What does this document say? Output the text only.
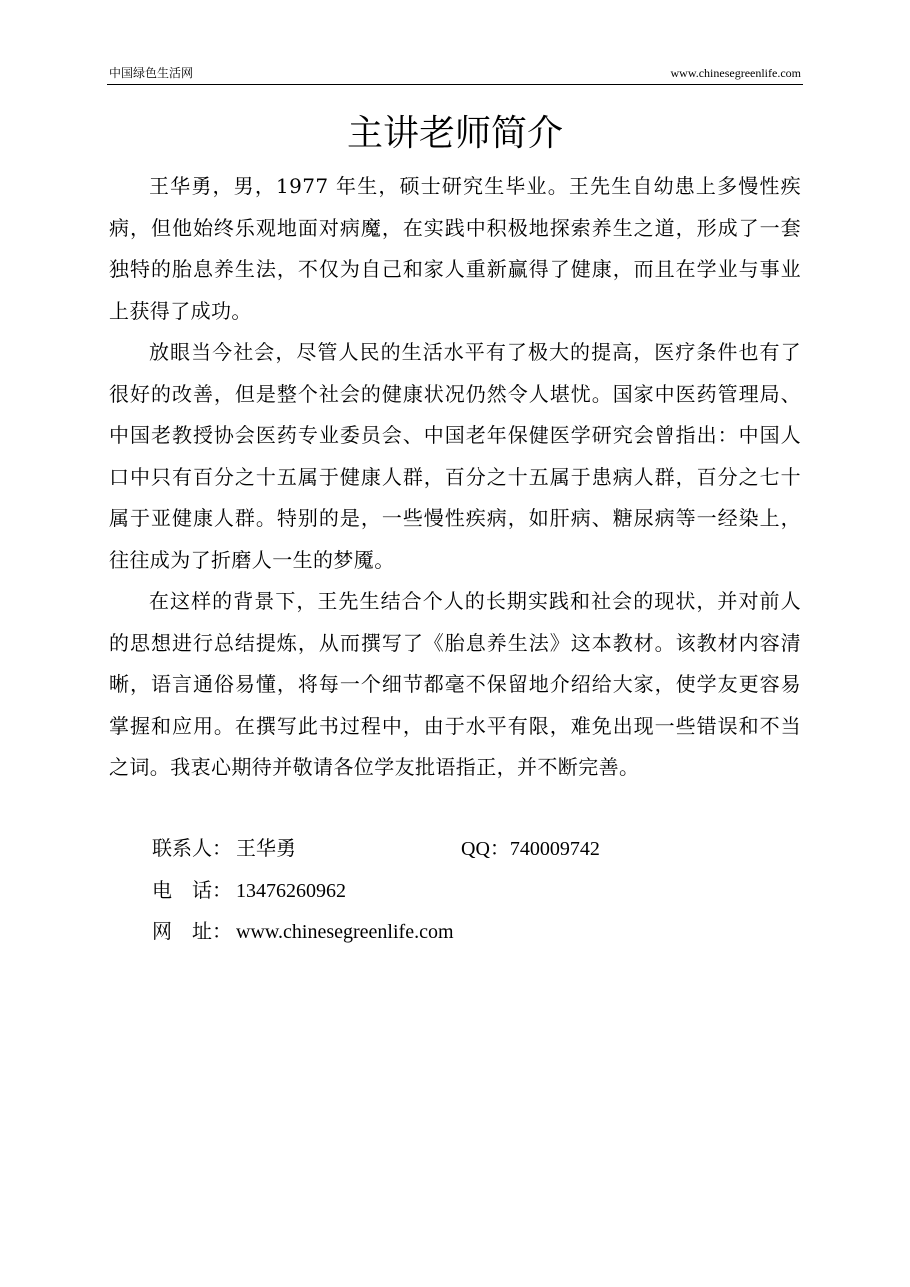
中国绿色生活网	www.chinesegreenlife.com
主讲老师简介

王华勇，男，1977 年生，硕士研究生毕业。王先生自幼患上多慢性疾病，但他始终乐观地面对病魔，在实践中积极地探索养生之道，形成了一套独特的胎息养生法，不仅为自己和家人重新赢得了健康，而且在学业与事业上获得了成功。

放眼当今社会，尽管人民的生活水平有了极大的提高，医疗条件也有了很好的改善，但是整个社会的健康状况仍然令人堪忧。国家中医药管理局、中国老教授协会医药专业委员会、中国老年保健医学研究会曾指出：中国人口中只有百分之十五属于健康人群，百分之十五属于患病人群，百分之七十属于亚健康人群。特别的是，一些慢性疾病，如肝病、糖尿病等一经染上，往往成为了折磨人一生的梦魇。

在这样的背景下，王先生结合个人的长期实践和社会的现状，并对前人的思想进行总结提炼，从而撰写了《胎息养生法》这本教材。该教材内容清晰，语言通俗易懂，将每一个细节都毫不保留地介绍给大家，使学友更容易掌握和应用。在撰写此书过程中，由于水平有限，难免出现一些错误和不当之词。我衷心期待并敬请各位学友批语指正，并不断完善。

联系人： 王华勇	QQ：740009742
电　话： 13476260962
网　址： www.chinesegreenlife.com
